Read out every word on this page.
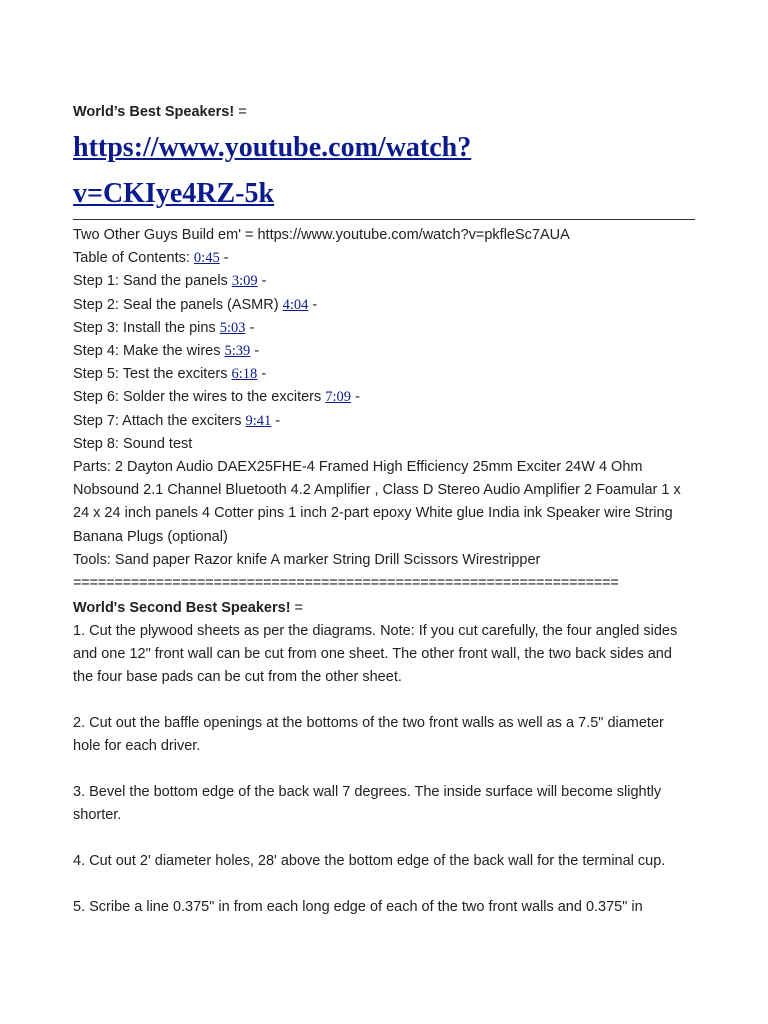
World’s Best Speakers! =
https://www.youtube.com/watch?
v=CKIye4RZ-5k
Two Other Guys Build em' = https://www.youtube.com/watch?v=pkfleSc7AUA
Table of Contents: 0:45 -
Step 1: Sand the panels 3:09 -
Step 2: Seal the panels (ASMR) 4:04 -
Step 3: Install the pins 5:03 -
Step 4: Make the wires 5:39 -
Step 5: Test the exciters 6:18 -
Step 6: Solder the wires to the exciters 7:09 -
Step 7: Attach the exciters 9:41 -
Step 8: Sound test
Parts: 2 Dayton Audio DAEX25FHE-4 Framed High Efficiency 25mm Exciter 24W 4 Ohm Nobsound 2.1 Channel Bluetooth 4.2 Amplifier , Class D Stereo Audio Amplifier 2 Foamular 1 x 24 x 24 inch panels 4 Cotter pins 1 inch 2-part epoxy White glue India ink Speaker wire String Banana Plugs (optional)
Tools: Sand paper Razor knife A marker String Drill Scissors Wirestripper
==================================================================
World's Second Best Speakers! =

1. Cut the plywood sheets as per the diagrams. Note: If you cut carefully, the four angled sides and one 12" front wall can be cut from one sheet. The other front wall, the two back sides and the four base pads can be cut from the other sheet.

2. Cut out the baffle openings at the bottoms of the two front walls as well as a 7.5" diameter hole for each driver.

3. Bevel the bottom edge of the back wall 7 degrees. The inside surface will become slightly shorter.

4. Cut out 2' diameter holes, 28' above the bottom edge of the back wall for the terminal cup.

5. Scribe a line 0.375" in from each long edge of each of the two front walls and 0.375" in
